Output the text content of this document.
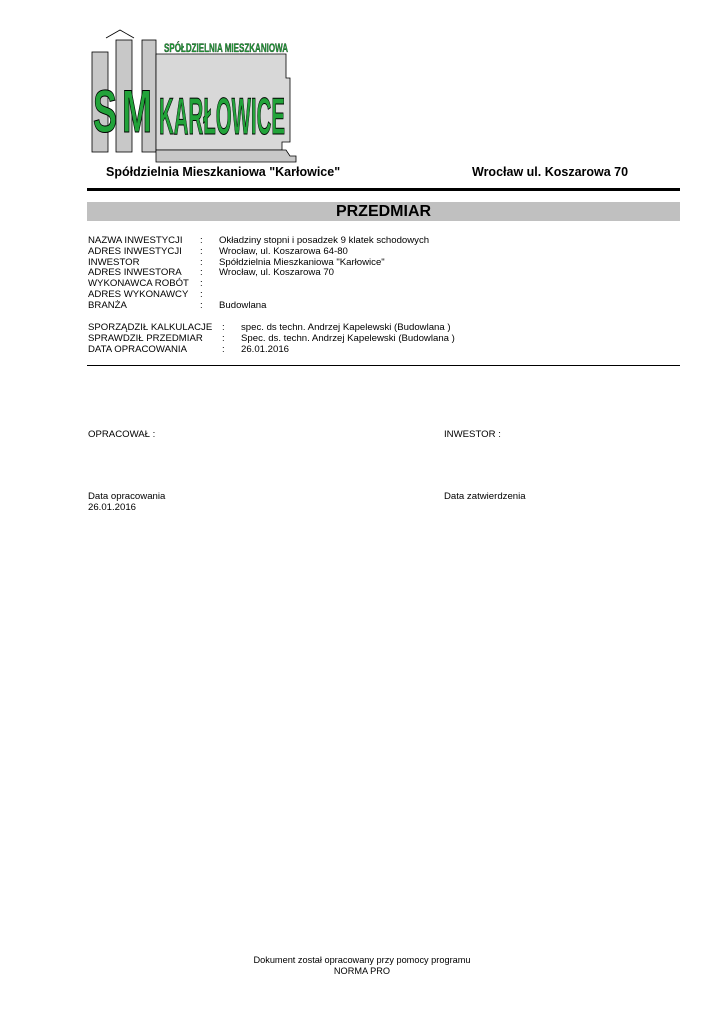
SPÓŁDZIELNIA MIESZKANIOWA
S M KARŁOWICE
Spółdzielnia Mieszkaniowa "Karłowice"	Wrocław ul. Koszarowa 70
PRZEDMIAR
NAZWA INWESTYCJI	:	Okładziny stopni i posadzek 9 klatek schodowych
ADRES INWESTYCJI	:	Wrocław, ul. Koszarowa 64-80
INWESTOR	:	Spółdzielnia Mieszkaniowa "Karłowice"
ADRES INWESTORA	:	Wrocław, ul. Koszarowa 70
WYKONAWCA ROBÓT	:
ADRES WYKONAWCY	:
BRANŻA	:	Budowlana
SPORZĄDZIŁ KALKULACJE	:	spec. ds techn. Andrzej Kapelewski (Budowlana )
SPRAWDZIŁ PRZEDMIAR	:	Spec. ds. techn. Andrzej Kapelewski (Budowlana )
DATA OPRACOWANIA	:	26.01.2016
OPRACOWAŁ :	INWESTOR :
Data opracowania
26.01.2016
Data zatwierdzenia
Dokument został opracowany przy pomocy programu
NORMA PRO
